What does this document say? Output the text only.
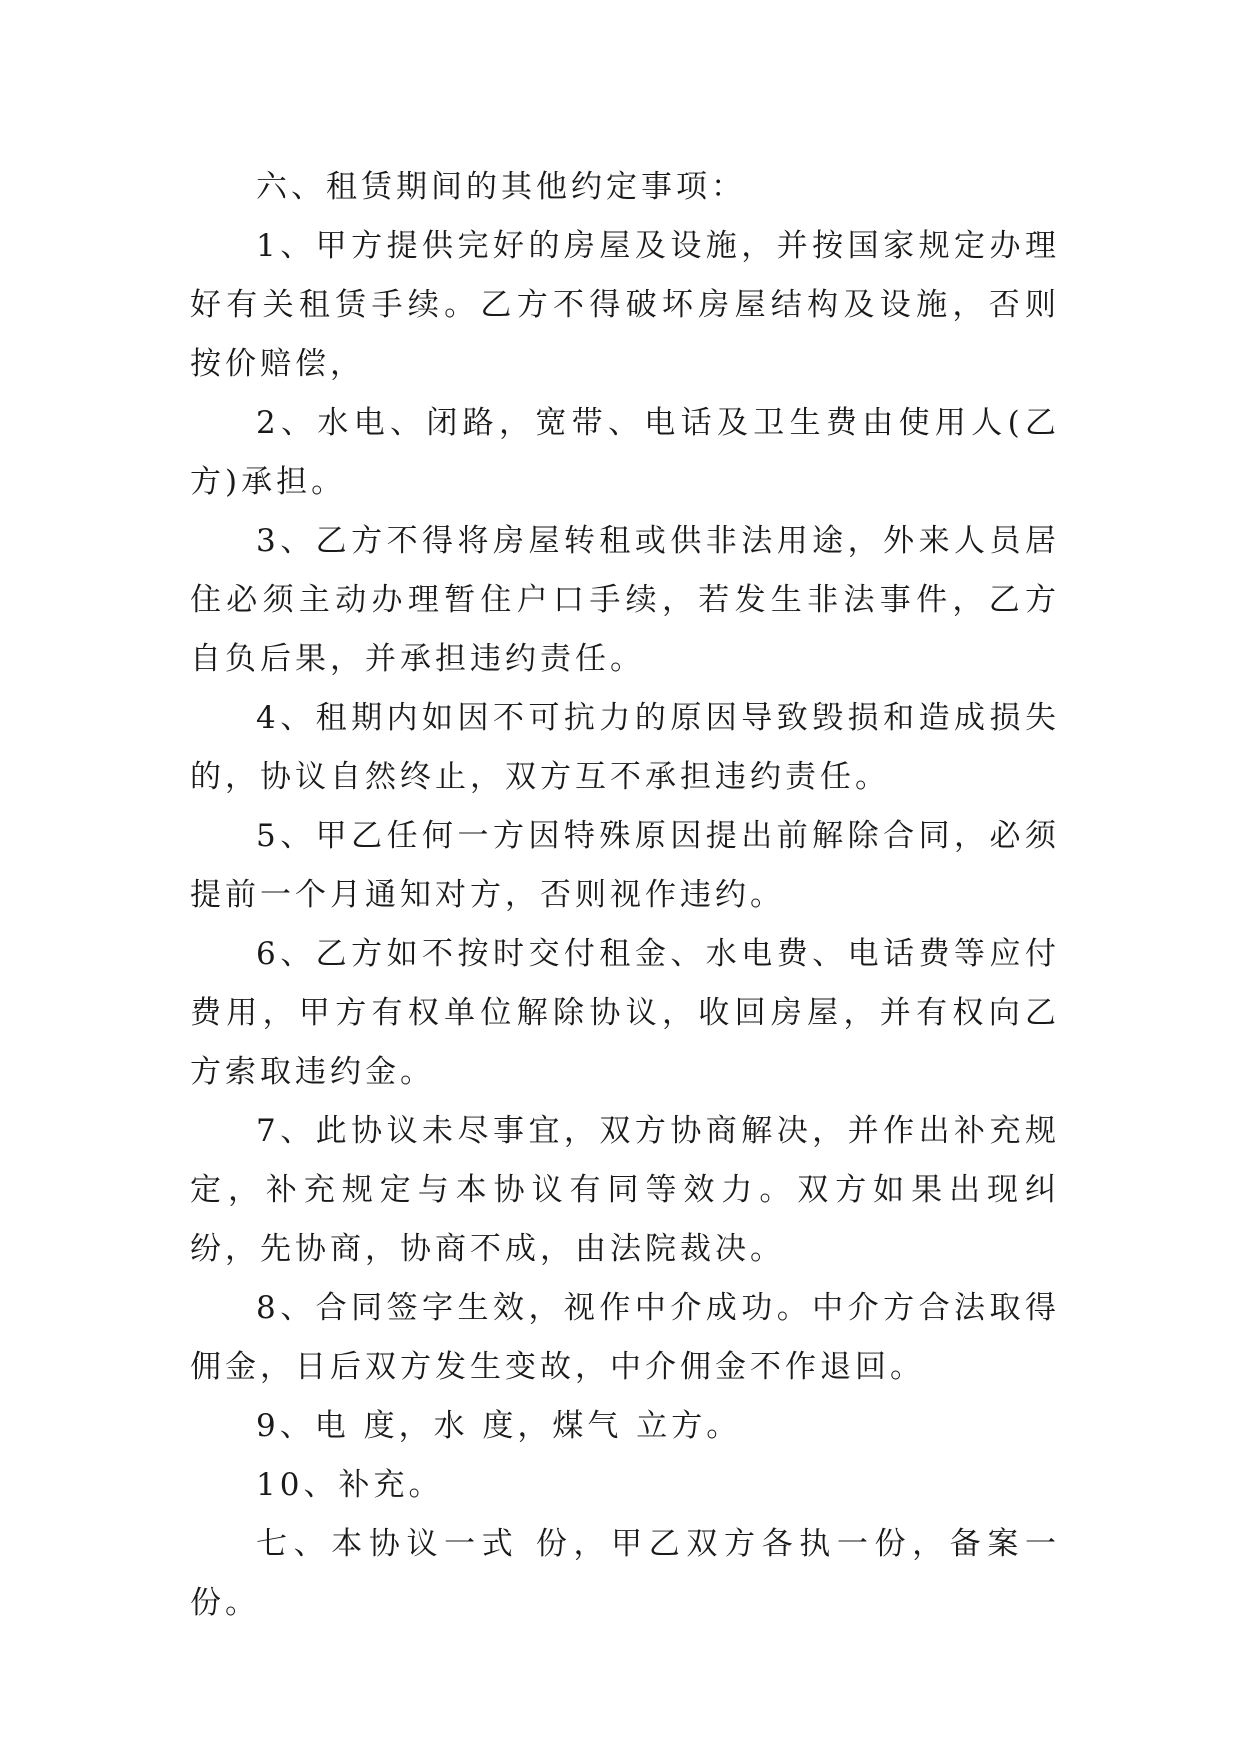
六、租赁期间的其他约定事项：

1、甲方提供完好的房屋及设施，并按国家规定办理好有关租赁手续。乙方不得破坏房屋结构及设施，否则按价赔偿，

2、水电、闭路，宽带、电话及卫生费由使用人(乙方)承担。

3、乙方不得将房屋转租或供非法用途，外来人员居住必须主动办理暂住户口手续，若发生非法事件，乙方自负后果，并承担违约责任。

4、租期内如因不可抗力的原因导致毁损和造成损失的，协议自然终止，双方互不承担违约责任。

5、甲乙任何一方因特殊原因提出前解除合同，必须提前一个月通知对方，否则视作违约。

6、乙方如不按时交付租金、水电费、电话费等应付费用，甲方有权单位解除协议，收回房屋，并有权向乙方索取违约金。

7、此协议未尽事宜，双方协商解决，并作出补充规定，补充规定与本协议有同等效力。双方如果出现纠纷，先协商，协商不成，由法院裁决。

8、合同签字生效，视作中介成功。中介方合法取得佣金，日后双方发生变故，中介佣金不作退回。

9、电 度，水 度，煤气 立方。

10、补充。

七、本协议一式 份，甲乙双方各执一份，备案一份。
